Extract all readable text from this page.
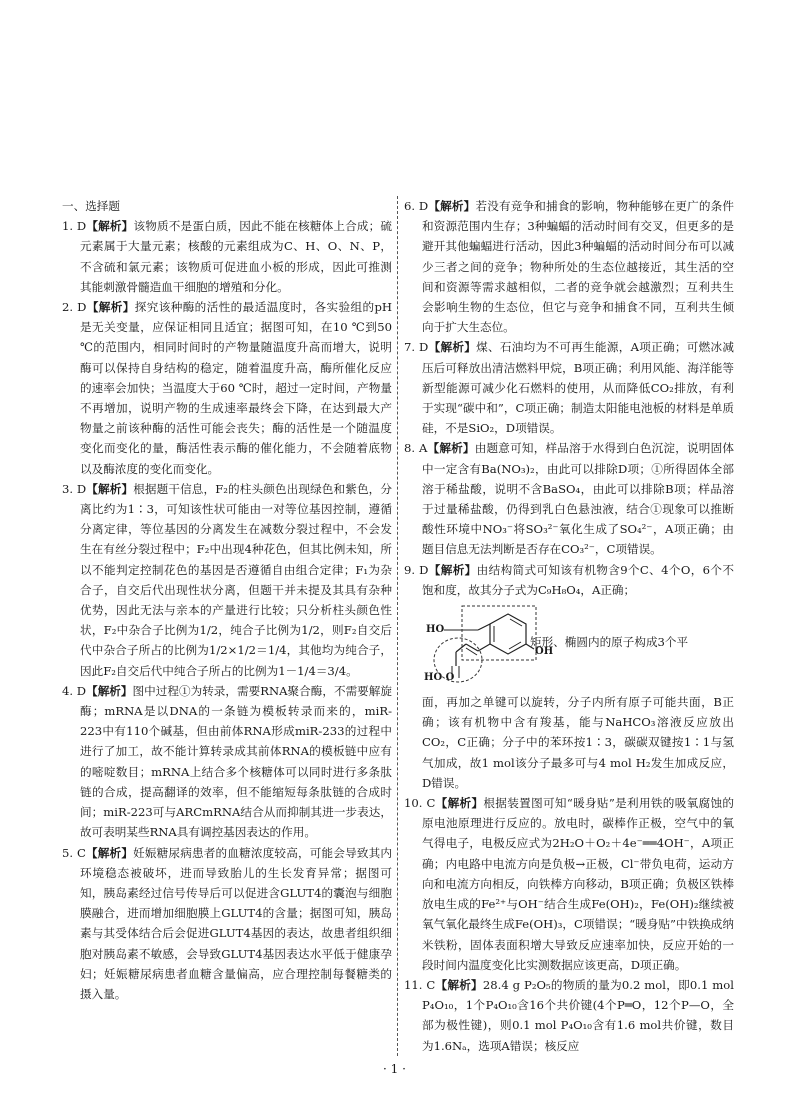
一、选择题

1. D【解析】该物质不是蛋白质，因此不能在核糖体上合成；硫元素属于大量元素；核酸的元素组成为C、H、O、N、P，不含硫和氯元素；该物质可促进血小板的形成，因此可推测其能刺激骨髓造血干细胞的增殖和分化。

2. D【解析】探究该种酶的活性的最适温度时，各实验组的pH是无关变量，应保证相同且适宜；据图可知，在10 ℃到50 ℃的范围内，相同时间时的产物量随温度升高而增大，说明酶可以保持自身结构的稳定，随着温度升高，酶所催化反应的速率会加快；当温度大于60 ℃时，超过一定时间，产物量不再增加，说明产物的生成速率最终会下降，在达到最大产物量之前该种酶的活性可能会丧失；酶的活性是一个随温度变化而变化的量，酶活性表示酶的催化能力，不会随着底物以及酶浓度的变化而变化。

3. D【解析】根据题干信息，F₂的柱头颜色出现绿色和紫色，分离比约为1∶3，可知该性状可能由一对等位基因控制，遵循分离定律，等位基因的分离发生在减数分裂过程中，不会发生在有丝分裂过程中；F₂中出现4种花色，但其比例未知，所以不能判定控制花色的基因是否遵循自由组合定律；F₁为杂合子，自交后代出现性状分离，但题干并未提及其具有杂种优势，因此无法与亲本的产量进行比较；只分析柱头颜色性状，F₂中杂合子比例为1/2，纯合子比例为1/2，则F₂自交后代中杂合子所占的比例为1/2×1/2＝1/4，其他均为纯合子，因此F₂自交后代中纯合子所占的比例为1－1/4＝3/4。

4. D【解析】图中过程①为转录，需要RNA聚合酶，不需要解旋酶；mRNA是以DNA的一条链为模板转录而来的，miR-223中有110个碱基，但由前体RNA形成miR-233的过程中进行了加工，故不能计算转录成其前体RNA的模板链中应有的嘧啶数目；mRNA上结合多个核糖体可以同时进行多条肽链的合成，提高翻译的效率，但不能缩短每条肽链的合成时间；miR-223可与ARCmRNA结合从而抑制其进一步表达，故可表明某些RNA具有调控基因表达的作用。

5. C【解析】妊娠糖尿病患者的血糖浓度较高，可能会导致其内环境稳态被破坏，进而导致胎儿的生长发育异常；据图可知，胰岛素经过信号传导后可以促进含GLUT4的囊泡与细胞膜融合，进而增加细胞膜上GLUT4的含量；据图可知，胰岛素与其受体结合后会促进GLUT4基因的表达，故患者组织细胞对胰岛素不敏感，会导致GLUT4基因表达水平低于健康孕妇；妊娠糖尿病患者血糖含量偏高，应合理控制每餐糖类的摄入量。

6. D【解析】若没有竞争和捕食的影响，物种能够在更广的条件和资源范围内生存；3种蝙蝠的活动时间有交叉，但更多的是避开其他蝙蝠进行活动，因此3种蝙蝠的活动时间分布可以减少三者之间的竞争；物种所处的生态位越接近，其生活的空间和资源等需求越相似，二者的竞争就会越激烈；互利共生会影响生物的生态位，但它与竞争和捕食不同，互利共生倾向于扩大生态位。

7. D【解析】煤、石油均为不可再生能源，A项正确；可燃冰减压后可释放出清洁燃料甲烷，B项正确；利用风能、海洋能等新型能源可减少化石燃料的使用，从而降低CO₂排放，有利于实现“碳中和”，C项正确；制造太阳能电池板的材料是单质硅，不是SiO₂，D项错误。

8. A【解析】由题意可知，样品溶于水得到白色沉淀，说明固体中一定含有Ba(NO₃)₂，由此可以排除D项；①所得固体全部溶于稀盐酸，说明不含BaSO₄，由此可以排除B项；样品溶于过量稀盐酸，仍得到乳白色悬浊液，结合①现象可以推断酸性环境中NO₃⁻将SO₃²⁻氧化生成了SO₄²⁻，A项正确；由题目信息无法判断是否存在CO₃²⁻，C项错误。

9. D【解析】由结构简式可知该有机物含9个C、4个O，6个不饱和度，故其分子式为C₉H₈O₄，A正确；

HO
OH
HO O
矩形、椭圆内的原子构成3个平

面，再加之单键可以旋转，分子内所有原子可能共面，B正确；该有机物中含有羧基，能与NaHCO₃溶液反应放出CO₂，C正确；分子中的苯环按1∶3，碳碳双键按1∶1与氢气加成，故1 mol该分子最多可与4 mol H₂发生加成反应，D错误。

10. C【解析】根据装置图可知“暖身贴”是利用铁的吸氧腐蚀的原电池原理进行反应的。放电时，碳棒作正极，空气中的氧气得电子，电极反应式为2H₂O＋O₂＋4e⁻══4OH⁻，A项正确；内电路中电流方向是负极→正极，Cl⁻带负电荷，运动方向和电流方向相反，向铁棒方向移动，B项正确；负极区铁棒放电生成的Fe²⁺与OH⁻结合生成Fe(OH)₂，Fe(OH)₂继续被氧气氧化最终生成Fe(OH)₃，C项错误；“暖身贴”中铁换成纳米铁粉，固体表面积增大导致反应速率加快，反应开始的一段时间内温度变化比实测数据应该更高，D项正确。

11. C【解析】28.4 g P₂O₅的物质的量为0.2 mol，即0.1 mol P₄O₁₀，1个P₄O₁₀含16个共价键(4个P═O，12个P—O，全部为极性键)，则0.1 mol P₄O₁₀含有1.6 mol共价键，数目为1.6Nₐ，选项A错误；核反应

· 1 ·
